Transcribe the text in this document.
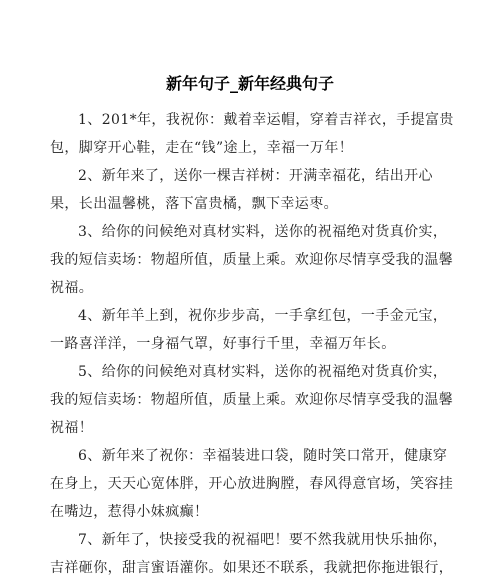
新年句子_新年经典句子

1、201*年，我祝你：戴着幸运帽，穿着吉祥衣，手提富贵包，脚穿开心鞋，走在“钱”途上，幸福一万年！

2、新年来了，送你一棵吉祥树：开满幸福花，结出开心果，长出温馨桃，落下富贵橘，飘下幸运枣。

3、给你的问候绝对真材实料，送你的祝福绝对货真价实，我的短信卖场：物超所值，质量上乘。欢迎你尽情享受我的温馨祝福。

4、新年羊上到，祝你步步高，一手拿红包，一手金元宝，一路喜洋洋，一身福气罩，好事行千里，幸福万年长。

5、给你的问候绝对真材实料，送你的祝福绝对货真价实，我的短信卖场：物超所值，质量上乘。欢迎你尽情享受我的温馨祝福！

6、新年来了祝你：幸福装进口袋，随时笑口常开，健康穿在身上，天天心宽体胖，开心放进胸膛，春风得意官场，笑容挂在嘴边，惹得小妹疯癫！

7、新年了，快接受我的祝福吧！要不然我就用快乐抽你，吉祥砸你，甜言蜜语灌你。如果还不联系，我就把你拖进银行，
